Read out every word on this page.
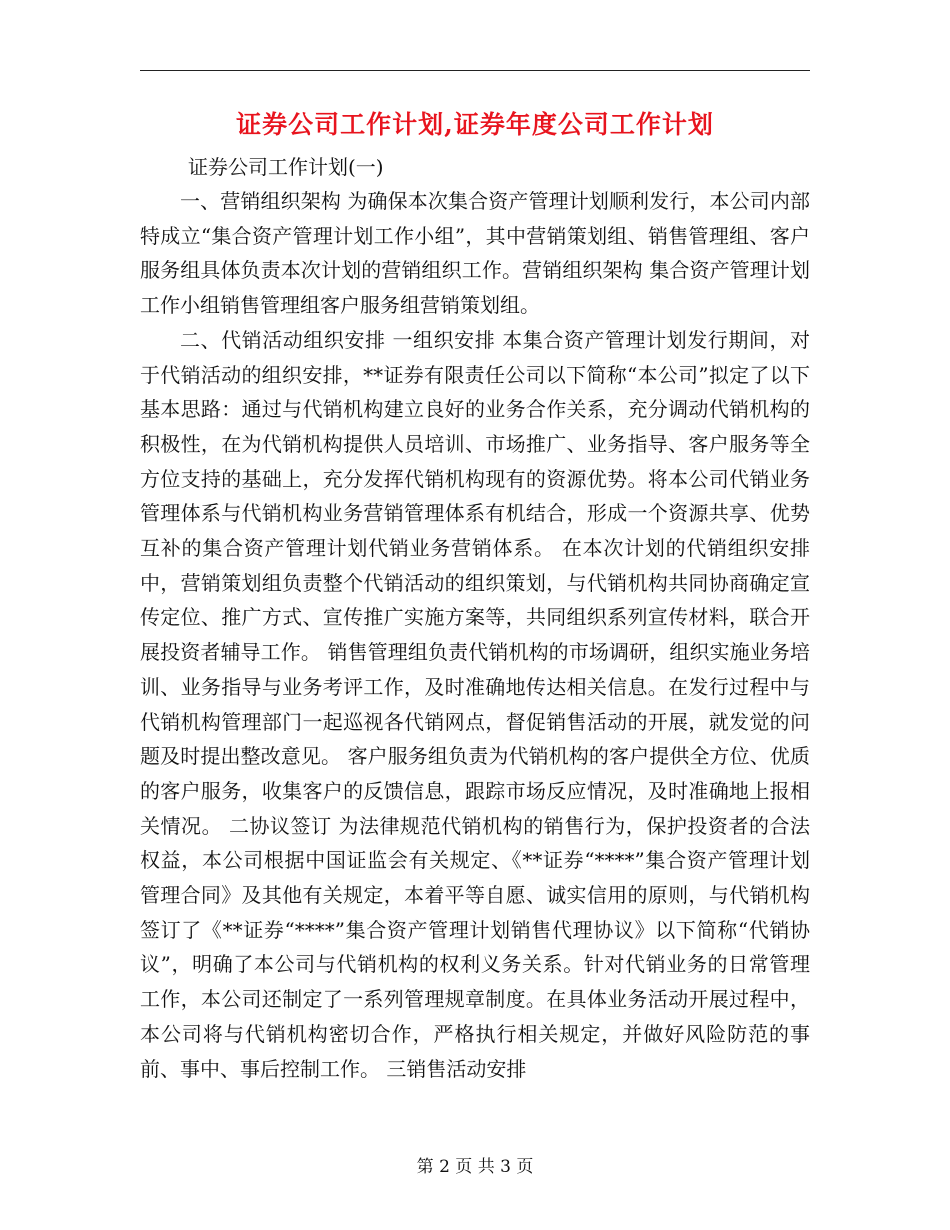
证券公司工作计划,证券年度公司工作计划

证券公司工作计划(一)

一、营销组织架构 为确保本次集合资产管理计划顺利发行，本公司内部特成立“集合资产管理计划工作小组”，其中营销策划组、销售管理组、客户服务组具体负责本次计划的营销组织工作。营销组织架构 集合资产管理计划工作小组销售管理组客户服务组营销策划组。

二、代销活动组织安排 一组织安排 本集合资产管理计划发行期间，对于代销活动的组织安排，**证券有限责任公司以下简称“本公司”拟定了以下基本思路：通过与代销机构建立良好的业务合作关系，充分调动代销机构的积极性，在为代销机构提供人员培训、市场推广、业务指导、客户服务等全方位支持的基础上，充分发挥代销机构现有的资源优势。将本公司代销业务管理体系与代销机构业务营销管理体系有机结合，形成一个资源共享、优势互补的集合资产管理计划代销业务营销体系。 在本次计划的代销组织安排中，营销策划组负责整个代销活动的组织策划，与代销机构共同协商确定宣传定位、推广方式、宣传推广实施方案等，共同组织系列宣传材料，联合开展投资者辅导工作。 销售管理组负责代销机构的市场调研，组织实施业务培训、业务指导与业务考评工作，及时准确地传达相关信息。在发行过程中与代销机构管理部门一起巡视各代销网点，督促销售活动的开展，就发觉的问题及时提出整改意见。 客户服务组负责为代销机构的客户提供全方位、优质的客户服务，收集客户的反馈信息，跟踪市场反应情况，及时准确地上报相关情况。 二协议签订 为法律规范代销机构的销售行为，保护投资者的合法权益，本公司根据中国证监会有关规定、《**证券“****”集合资产管理计划管理合同》及其他有关规定，本着平等自愿、诚实信用的原则，与代销机构签订了《**证券“****”集合资产管理计划销售代理协议》以下简称“代销协议”，明确了本公司与代销机构的权利义务关系。针对代销业务的日常管理工作，本公司还制定了一系列管理规章制度。在具体业务活动开展过程中，本公司将与代销机构密切合作，严格执行相关规定，并做好风险防范的事前、事中、事后控制工作。 三销售活动安排

第 2 页 共 3 页
